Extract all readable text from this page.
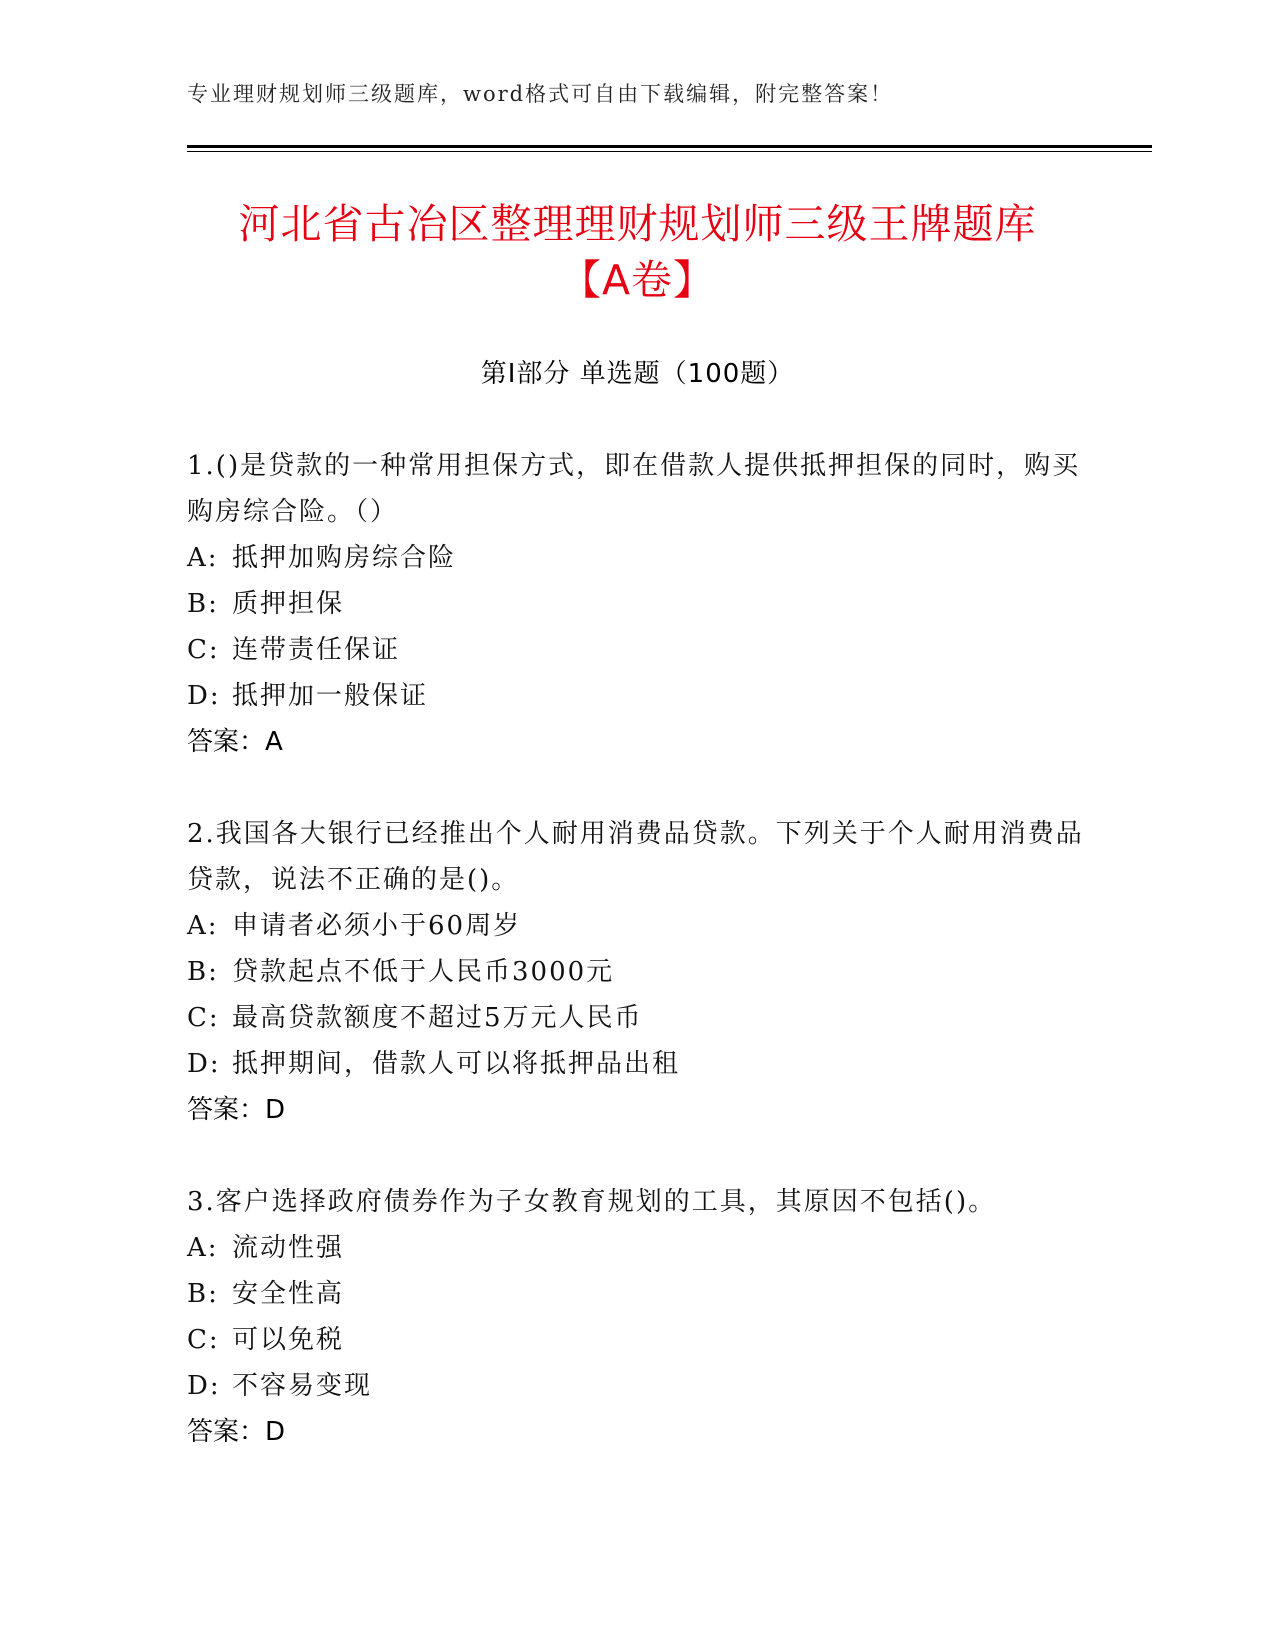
专业理财规划师三级题库，word格式可自由下载编辑，附完整答案！
河北省古冶区整理理财规划师三级王牌题库
【A卷】
第I部分 单选题（100题）

1.()是贷款的一种常用担保方式，即在借款人提供抵押担保的同时，购买购房综合险。（）

A: 抵押加购房综合险

B: 质押担保

C: 连带责任保证

D: 抵押加一般保证

答案：A

2.我国各大银行已经推出个人耐用消费品贷款。下列关于个人耐用消费品贷款，说法不正确的是()。

A: 申请者必须小于60周岁

B: 贷款起点不低于人民币3000元

C: 最高贷款额度不超过5万元人民币

D: 抵押期间，借款人可以将抵押品出租

答案：D

3.客户选择政府债券作为子女教育规划的工具，其原因不包括()。

A: 流动性强

B: 安全性高

C: 可以免税

D: 不容易变现

答案：D
